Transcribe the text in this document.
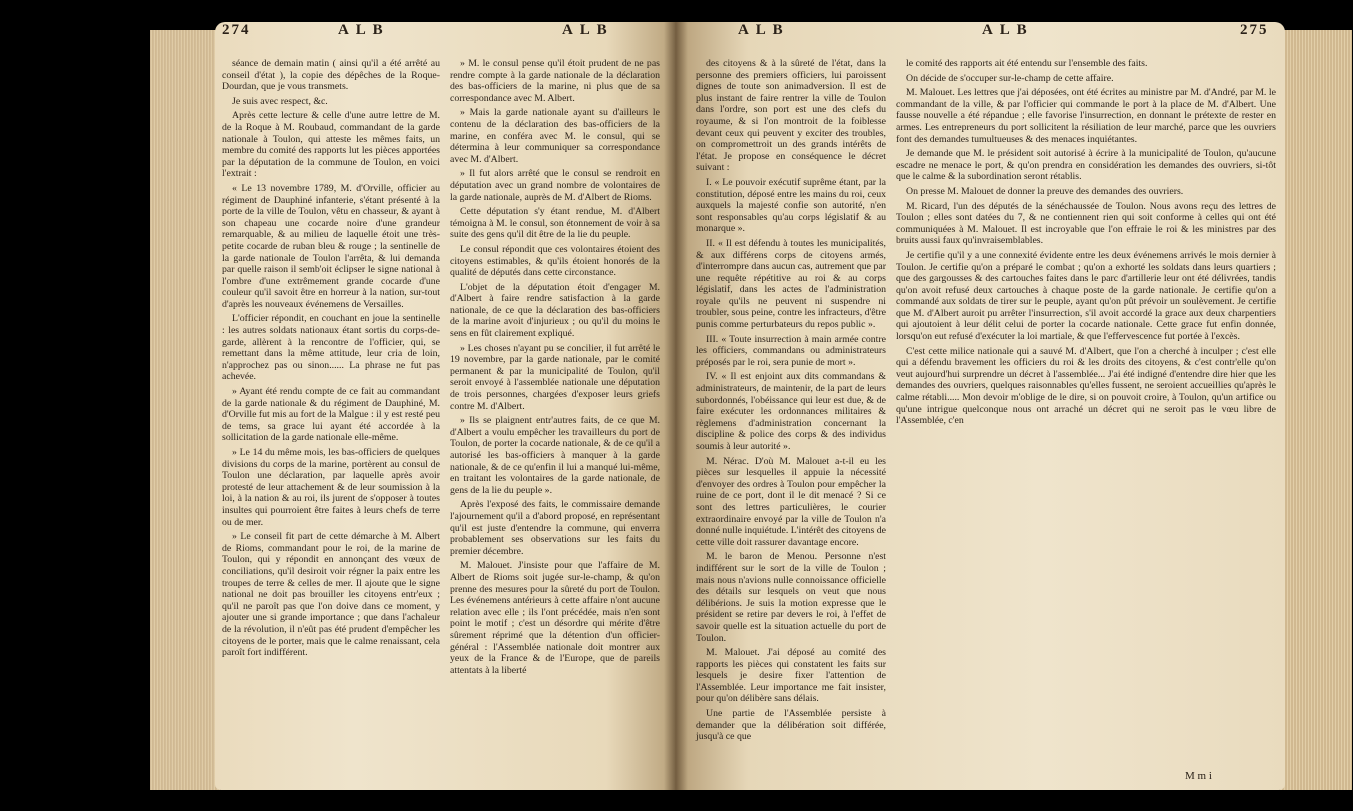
274	A L B	A L B

séance de demain matin ( ainsi qu'il a été arrêté au conseil d'état ), la copie des dépêches de la Roque-Dourdan, que je vous transmets.

Je suis avec respect, &c.

Après cette lecture & celle d'une autre lettre de M. de la Roque à M. Roubaud, commandant de la garde nationale à Toulon, qui atteste les mêmes faits, un membre du comité des rapports lut les pièces apportées par la députation de la commune de Toulon, en voici l'extrait :

« Le 13 novembre 1789, M. d'Orville, officier au régiment de Dauphiné infanterie, s'étant présenté à la porte de la ville de Toulon, vêtu en chasseur, & ayant à son chapeau une cocarde noire d'une grandeur remarquable, & au milieu de laquelle étoit une très-petite cocarde de ruban bleu & rouge ; la sentinelle de la garde nationale de Toulon l'arrêta, & lui demanda par quelle raison il semb'oit éclipser le signe national à l'ombre d'une extrêmement grande cocarde d'une couleur qu'il savoit être en horreur à la nation, sur-tout d'après les nouveaux événemens de Versailles.

L'officier répondit, en couchant en joue la sentinelle : les autres soldats nationaux étant sortis du corps-de-garde, allèrent à la rencontre de l'officier, qui, se remettant dans la même attitude, leur cria de loin, n'approchez pas ou sinon...... La phrase ne fut pas achevée.

» Ayant été rendu compte de ce fait au commandant de la garde nationale & du régiment de Dauphiné, M. d'Orville fut mis au fort de la Malgue : il y est resté peu de tems, sa grace lui ayant été accordée à la sollicitation de la garde nationale elle-même.

» Le 14 du même mois, les bas-officiers de quelques divisions du corps de la marine, portèrent au consul de Toulon une déclaration, par laquelle après avoir protesté de leur attachement & de leur soumission à la loi, à la nation & au roi, ils jurent de s'opposer à toutes insultes qui pourroient être faites à leurs chefs de terre ou de mer.

» Le conseil fit part de cette démarche à M. Albert de Rioms, commandant pour le roi, de la marine de Toulon, qui y répondit en annonçant des vœux de conciliations, qu'il desiroit voir régner la paix entre les troupes de terre & celles de mer. Il ajoute que le signe national ne doit pas brouiller les citoyens entr'eux ; qu'il ne paroît pas que l'on doive dans ce moment, y ajouter une si grande importance ; que dans l'achaleur de la révolution, il n'eût pas été prudent d'empêcher les citoyens de le porter, mais que le calme renaissant, cela paroît fort indifférent.

» M. le consul pense qu'il étoit prudent de ne pas rendre compte à la garde nationale de la déclaration des bas-officiers de la marine, ni plus que de sa correspondance avec M. Albert.

» Mais la garde nationale ayant su d'ailleurs le contenu de la déclaration des bas-officiers de la marine, en conféra avec M. le consul, qui se détermina à leur communiquer sa correspondance avec M. d'Albert.

» Il fut alors arrêté que le consul se rendroit en députation avec un grand nombre de volontaires de la garde nationale, auprès de M. d'Albert de Rioms.

Cette députation s'y étant rendue, M. d'Albert témoigna à M. le consul, son étonnement de voir à sa suite des gens qu'il dit être de la lie du peuple.

Le consul répondit que ces volontaires étoient des citoyens estimables, & qu'ils étoient honorés de la qualité de députés dans cette circonstance.

L'objet de la députation étoit d'engager M. d'Albert à faire rendre satisfaction à la garde nationale, de ce que la déclaration des bas-officiers de la marine avoit d'injurieux ; ou qu'il du moins le sens en fût clairement expliqué.

» Les choses n'ayant pu se concilier, il fut arrêté le 19 novembre, par la garde nationale, par le comité permanent & par la municipalité de Toulon, qu'il seroit envoyé à l'assemblée nationale une députation de trois personnes, chargées d'exposer leurs griefs contre M. d'Albert.

» Ils se plaignent entr'autres faits, de ce que M. d'Albert a voulu empêcher les travailleurs du port de Toulon, de porter la cocarde nationale, & de ce qu'il a autorisé les bas-officiers à manquer à la garde nationale, & de ce qu'enfin il lui a manqué lui-même, en traitant les volontaires de la garde nationale, de gens de la lie du peuple ».

Après l'exposé des faits, le commissaire demande l'ajournement qu'il a d'abord proposé, en représentant qu'il est juste d'entendre la commune, qui enverra probablement ses observations sur les faits du premier décembre.

M. Malouet. J'insiste pour que l'affaire de M. Albert de Rioms soit jugée sur-le-champ, & qu'on prenne des mesures pour la sûreté du port de Toulon. Les événemens antérieurs à cette affaire n'ont aucune relation avec elle ; ils l'ont précédée, mais n'en sont point le motif ; c'est un désordre qui mérite d'être sûrement réprimé que la détention d'un officier-général : l'Assemblée nationale doit montrer aux yeux de la France & de l'Europe, que de pareils attentats à la liberté

A L B	A L B	275

des citoyens & à la sûreté de l'état, dans la personne des premiers officiers, lui paroissent dignes de toute son animadversion. Il est de plus instant de faire rentrer la ville de Toulon dans l'ordre, son port est une des clefs du royaume, & si l'on montroit de la foiblesse devant ceux qui peuvent y exciter des troubles, on compromettroit un des grands intérêts de l'état. Je propose en conséquence le décret suivant :

I. « Le pouvoir exécutif suprême étant, par la constitution, déposé entre les mains du roi, ceux auxquels la majesté confie son autorité, n'en sont responsables qu'au corps législatif & au monarque ».

II. « Il est défendu à toutes les municipalités, & aux différens corps de citoyens armés, d'interrompre dans aucun cas, autrement que par une requête répétitive au roi & au corps législatif, dans les actes de l'administration royale qu'ils ne peuvent ni suspendre ni troubler, sous peine, contre les infracteurs, d'être punis comme perturbateurs du repos public ».

III. « Toute insurrection à main armée contre les officiers, commandans ou administrateurs préposés par le roi, sera punie de mort ».

IV. « Il est enjoint aux dits commandans & administrateurs, de maintenir, de la part de leurs subordonnés, l'obéissance qui leur est due, & de faire exécuter les ordonnances militaires & règlemens d'administration concernant la discipline & police des corps & des individus soumis à leur autorité ».

M. Nérac. D'où M. Malouet a-t-il eu les pièces sur lesquelles il appuie la nécessité d'envoyer des ordres à Toulon pour empêcher la ruine de ce port, dont il le dit menacé ? Si ce sont des lettres particulières, le courier extraordinaire envoyé par la ville de Toulon n'a donné nulle inquiétude. L'intérêt des citoyens de cette ville doit rassurer davantage encore.

M. le baron de Menou. Personne n'est indifférent sur le sort de la ville de Toulon ; mais nous n'avions nulle connoissance officielle des détails sur lesquels on veut que nous délibérions. Je suis la motion expresse que le président se retire par devers le roi, à l'effet de savoir quelle est la situation actuelle du port de Toulon.

M. Malouet. J'ai déposé au comité des rapports les pièces qui constatent les faits sur lesquels je desire fixer l'attention de l'Assemblée. Leur importance me fait insister, pour qu'on délibère sans délais.

Une partie de l'Assemblée persiste à demander que la délibération soit différée, jusqu'à ce que

le comité des rapports ait été entendu sur l'ensemble des faits.

On décide de s'occuper sur-le-champ de cette affaire.

M. Malouet. Les lettres que j'ai déposées, ont été écrites au ministre par M. d'André, par M. le commandant de la ville, & par l'officier qui commande le port à la place de M. d'Albert. Une fausse nouvelle a été répandue ; elle favorise l'insurrection, en donnant le prétexte de rester en armes. Les entrepreneurs du port sollicitent la résiliation de leur marché, parce que les ouvriers font des demandes tumultueuses & des menaces inquiétantes.

Je demande que M. le président soit autorisé à écrire à la municipalité de Toulon, qu'aucune escadre ne menace le port, & qu'on prendra en considération les demandes des ouvriers, si-tôt que le calme & la subordination seront rétablis.

On presse M. Malouet de donner la preuve des demandes des ouvriers.

M. Ricard, l'un des députés de la sénéchaussée de Toulon. Nous avons reçu des lettres de Toulon ; elles sont datées du 7, & ne contiennent rien qui soit conforme à celles qui ont été communiquées à M. Malouet. Il est incroyable que l'on effraie le roi & les ministres par des bruits aussi faux qu'invraisemblables.

Je certifie qu'il y a une connexité évidente entre les deux événemens arrivés le mois dernier à Toulon. Je certifie qu'on a préparé le combat ; qu'on a exhorté les soldats dans leurs quartiers ; que des gargousses & des cartouches faites dans le parc d'artillerie leur ont été délivrées, tandis qu'on avoit refusé deux cartouches à chaque poste de la garde nationale. Je certifie qu'on a commandé aux soldats de tirer sur le peuple, ayant qu'on pût prévoir un soulèvement. Je certifie que M. d'Albert auroit pu arrêter l'insurrection, s'il avoit accordé la grace aux deux charpentiers qui ajoutoient à leur délit celui de porter la cocarde nationale. Cette grace fut enfin donnée, lorsqu'on eut refusé d'exécuter la loi martiale, & que l'effervescence fut portée à l'excès.

C'est cette milice nationale qui a sauvé M. d'Albert, que l'on a cherché à inculper ; c'est elle qui a défendu bravement les officiers du roi & les droits des citoyens, & c'est contr'elle qu'on veut aujourd'hui surprendre un décret à l'assemblée... J'ai été indigné d'entendre dire hier que les demandes des ouvriers, quelques raisonnables qu'elles fussent, ne seroient accueillies qu'après le calme rétabli..... Mon devoir m'oblige de le dire, si on pouvoit croire, à Toulon, qu'un artifice ou qu'une intrigue quelconque nous ont arraché un décret qui ne seroit pas le vœu libre de l'Assemblée, c'en

M m i
